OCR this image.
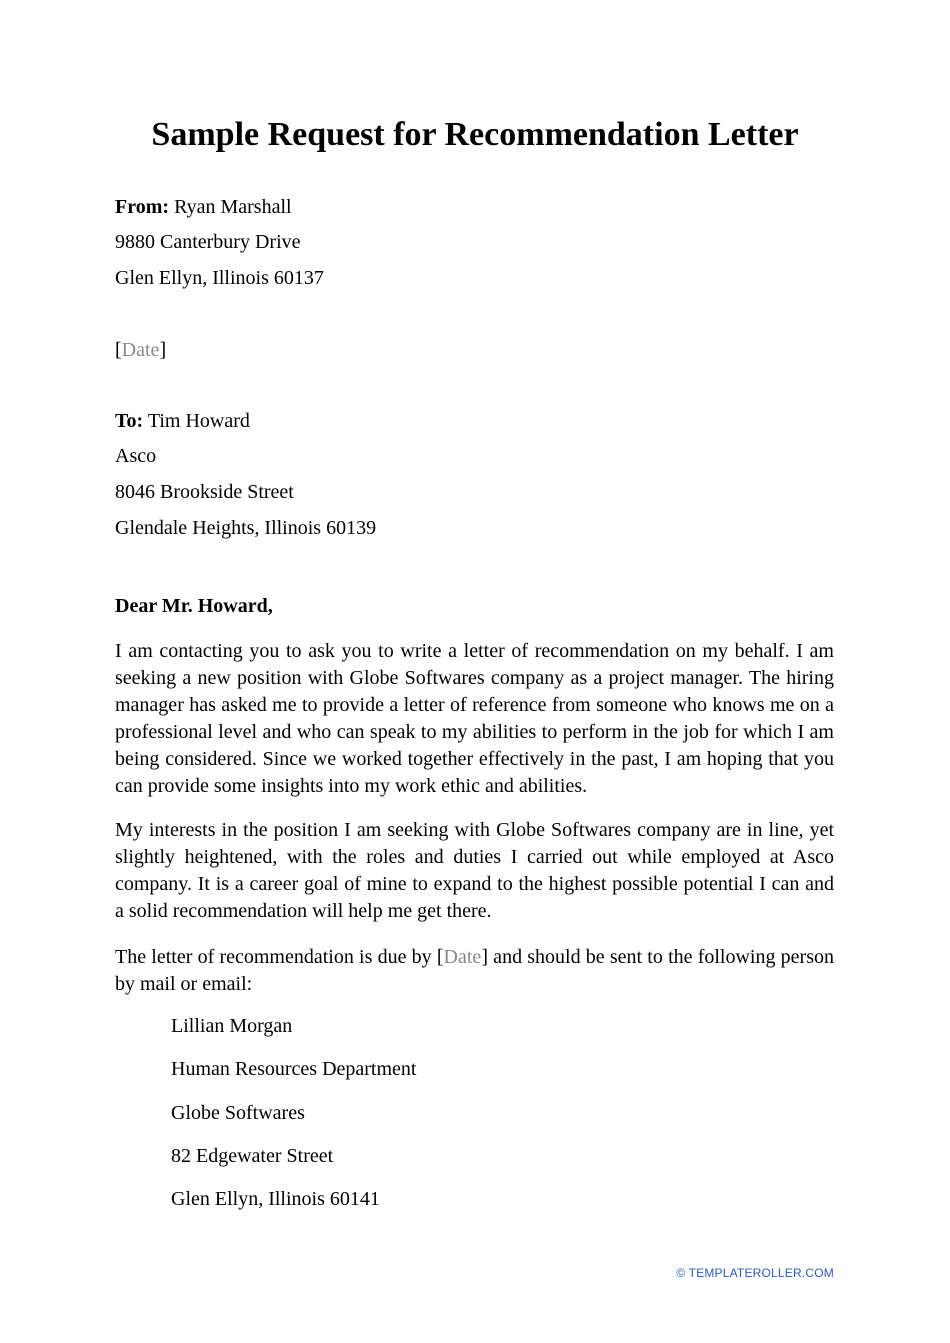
Sample Request for Recommendation Letter
From: Ryan Marshall
9880 Canterbury Drive
Glen Ellyn, Illinois 60137
[Date]
To: Tim Howard
Asco
8046 Brookside Street
Glendale Heights, Illinois 60139
Dear Mr. Howard,

I am contacting you to ask you to write a letter of recommendation on my behalf. I am seeking a new position with Globe Softwares company as a project manager. The hiring manager has asked me to provide a letter of reference from someone who knows me on a professional level and who can speak to my abilities to perform in the job for which I am being considered. Since we worked together effectively in the past, I am hoping that you can provide some insights into my work ethic and abilities.

My interests in the position I am seeking with Globe Softwares company are in line, yet slightly heightened, with the roles and duties I carried out while employed at Asco company. It is a career goal of mine to expand to the highest possible potential I can and a solid recommendation will help me get there.

The letter of recommendation is due by [Date] and should be sent to the following person by mail or email:

Lillian Morgan
Human Resources Department
Globe Softwares
82 Edgewater Street
Glen Ellyn, Illinois 60141
© TEMPLATEROLLER.COM
